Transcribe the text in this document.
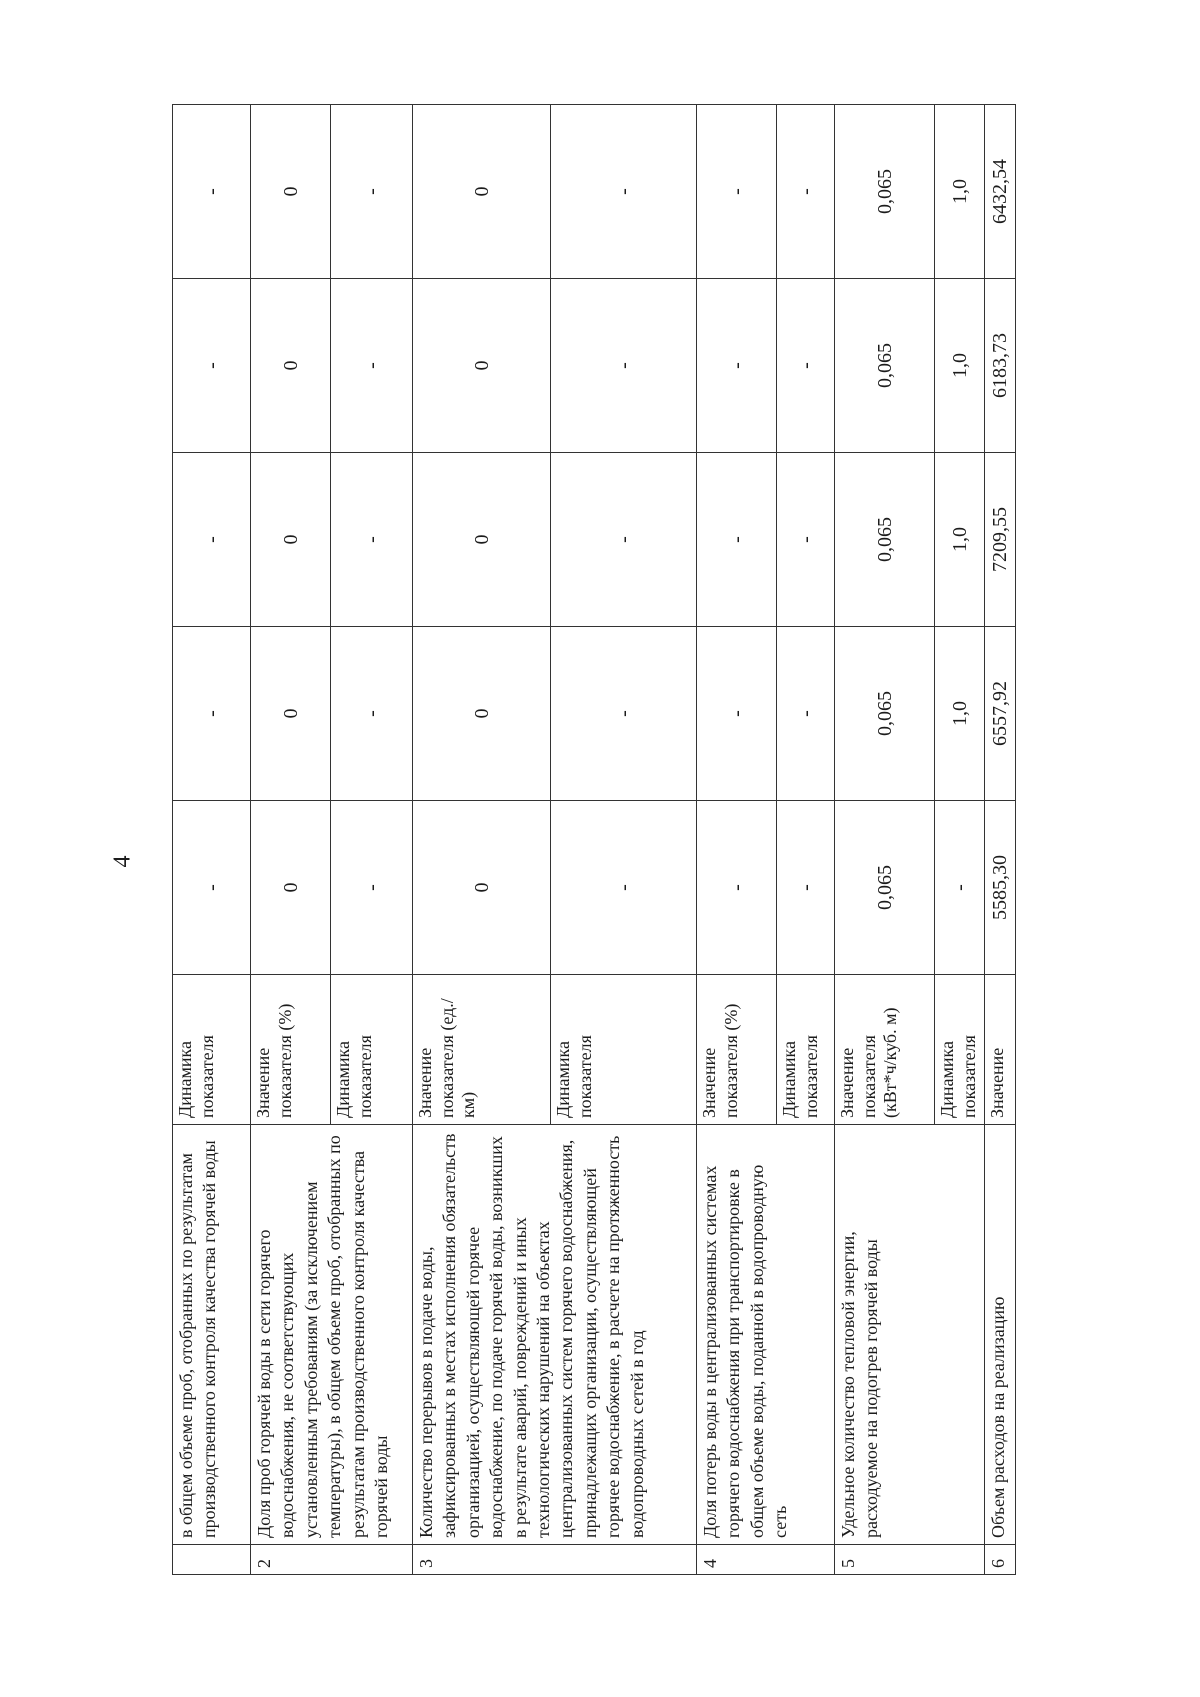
4
	в общем объеме проб, отобранных по результатам производственного контроля качества горячей воды	Динамика показателя	-	-	-	-	-
2	Доля проб горячей воды в сети горячего водоснабжения, не соответствующих установленным требованиям (за исключением температуры), в общем объеме проб, отобранных по результатам производственного контроля качества горячей воды	Значение показателя (%)	0	0	0	0	0
		Динамика показателя	-	-	-	-	-
3	Количество перерывов в подаче воды, зафиксированных в местах исполнения обязательств организацией, осуществляющей горячее водоснабжение, по подаче горячей воды, возникших в результате аварий, повреждений и иных технологических нарушений на объектах централизованных систем горячего водоснабжения, принадлежащих организации, осуществляющей горячее водоснабжение, в расчете на протяженность водопроводных сетей в год	Значение показателя (ед./км)	0	0	0	0	0
		Динамика показателя	-	-	-	-	-
4	Доля потерь воды в централизованных системах горячего водоснабжения при транспортировке в общем объеме воды, поданной в водопроводную сеть	Значение показателя (%)	-	-	-	-	-
		Динамика показателя	-	-	-	-	-
5	Удельное количество тепловой энергии, расходуемое на подогрев горячей воды	Значение показателя (кВт*ч/куб. м)	0,065	0,065	0,065	0,065	0,065
		Динамика показателя	-	1,0	1,0	1,0	1,0
6	Объем расходов на реализацию	Значение	5585,30	6557,92	7209,55	6183,73	6432,54
